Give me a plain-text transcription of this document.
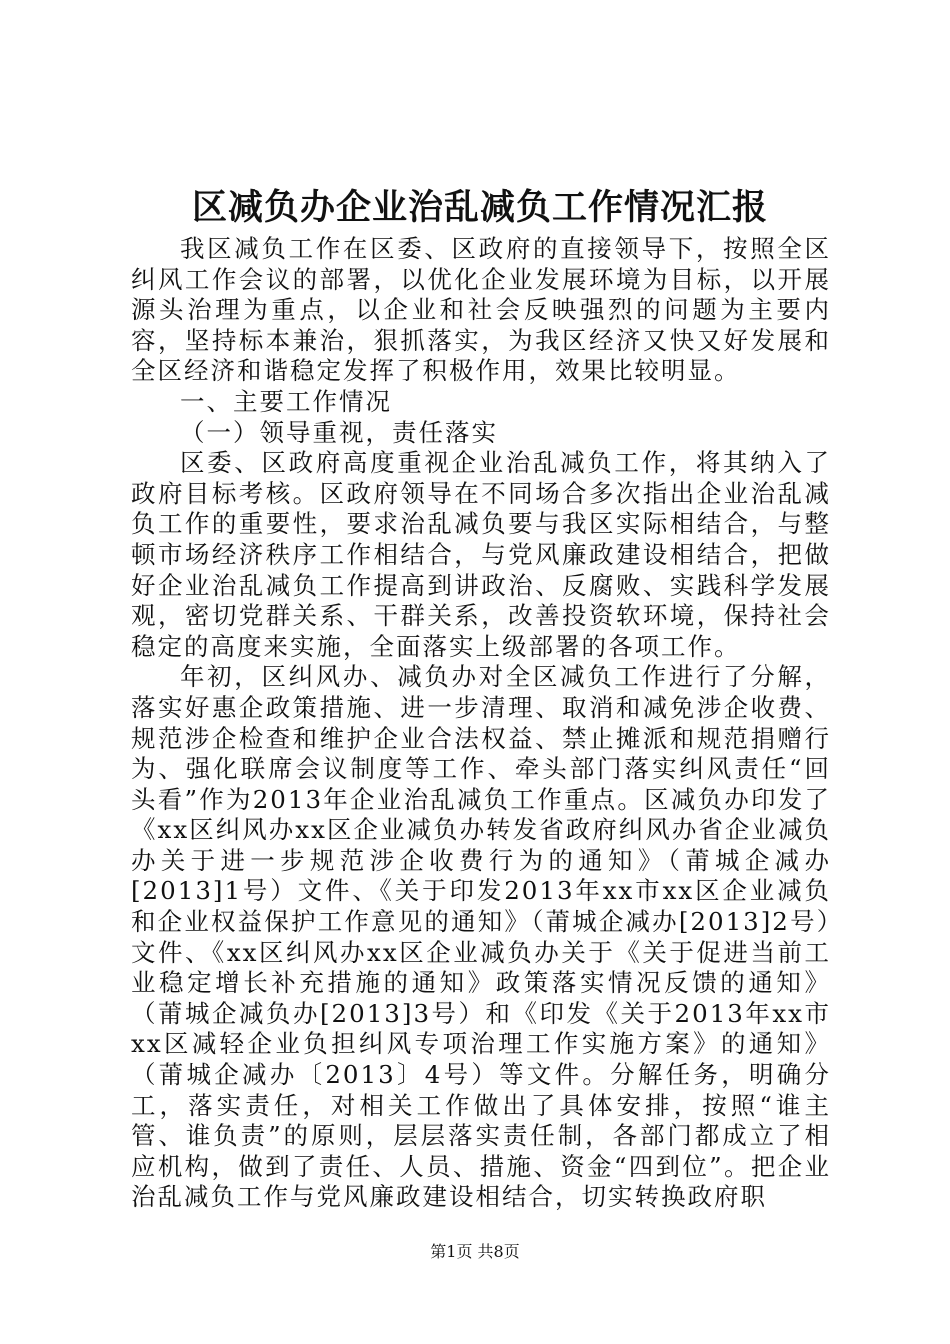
区减负办企业治乱减负工作情况汇报

我区减负工作在区委、区政府的直接领导下，按照全区纠风工作会议的部署，以优化企业发展环境为目标，以开展源头治理为重点，以企业和社会反映强烈的问题为主要内容，坚持标本兼治，狠抓落实，为我区经济又快又好发展和全区经济和谐稳定发挥了积极作用，效果比较明显。

一、主要工作情况

（一）领导重视，责任落实

区委、区政府高度重视企业治乱减负工作，将其纳入了政府目标考核。区政府领导在不同场合多次指出企业治乱减负工作的重要性，要求治乱减负要与我区实际相结合，与整顿市场经济秩序工作相结合，与党风廉政建设相结合，把做好企业治乱减负工作提高到讲政治、反腐败、实践科学发展观，密切党群关系、干群关系，改善投资软环境，保持社会稳定的高度来实施，全面落实上级部署的各项工作。

年初，区纠风办、减负办对全区减负工作进行了分解，落实好惠企政策措施、进一步清理、取消和减免涉企收费、规范涉企检查和维护企业合法权益、禁止摊派和规范捐赠行为、强化联席会议制度等工作、牵头部门落实纠风责任“回头看”作为2013年企业治乱减负工作重点。区减负办印发了《xx区纠风办xx区企业减负办转发省政府纠风办省企业减负办关于进一步规范涉企收费行为的通知》（莆城企减办[2013]1号）文件、《关于印发2013年xx市xx区企业减负和企业权益保护工作意见的通知》（莆城企减办[2013]2号）文件、《xx区纠风办xx区企业减负办关于《关于促进当前工业稳定增长补充措施的通知》政策落实情况反馈的通知》（莆城企减负办[2013]3号）和《印发《关于2013年xx市xx区减轻企业负担纠风专项治理工作实施方案》的通知》（莆城企减办〔2013〕4号）等文件。分解任务，明确分工，落实责任，对相关工作做出了具体安排，按照“谁主管、谁负责”的原则，层层落实责任制，各部门都成立了相应机构，做到了责任、人员、措施、资金“四到位”。把企业治乱减负工作与党风廉政建设相结合，切实转换政府职

第1页 共8页
